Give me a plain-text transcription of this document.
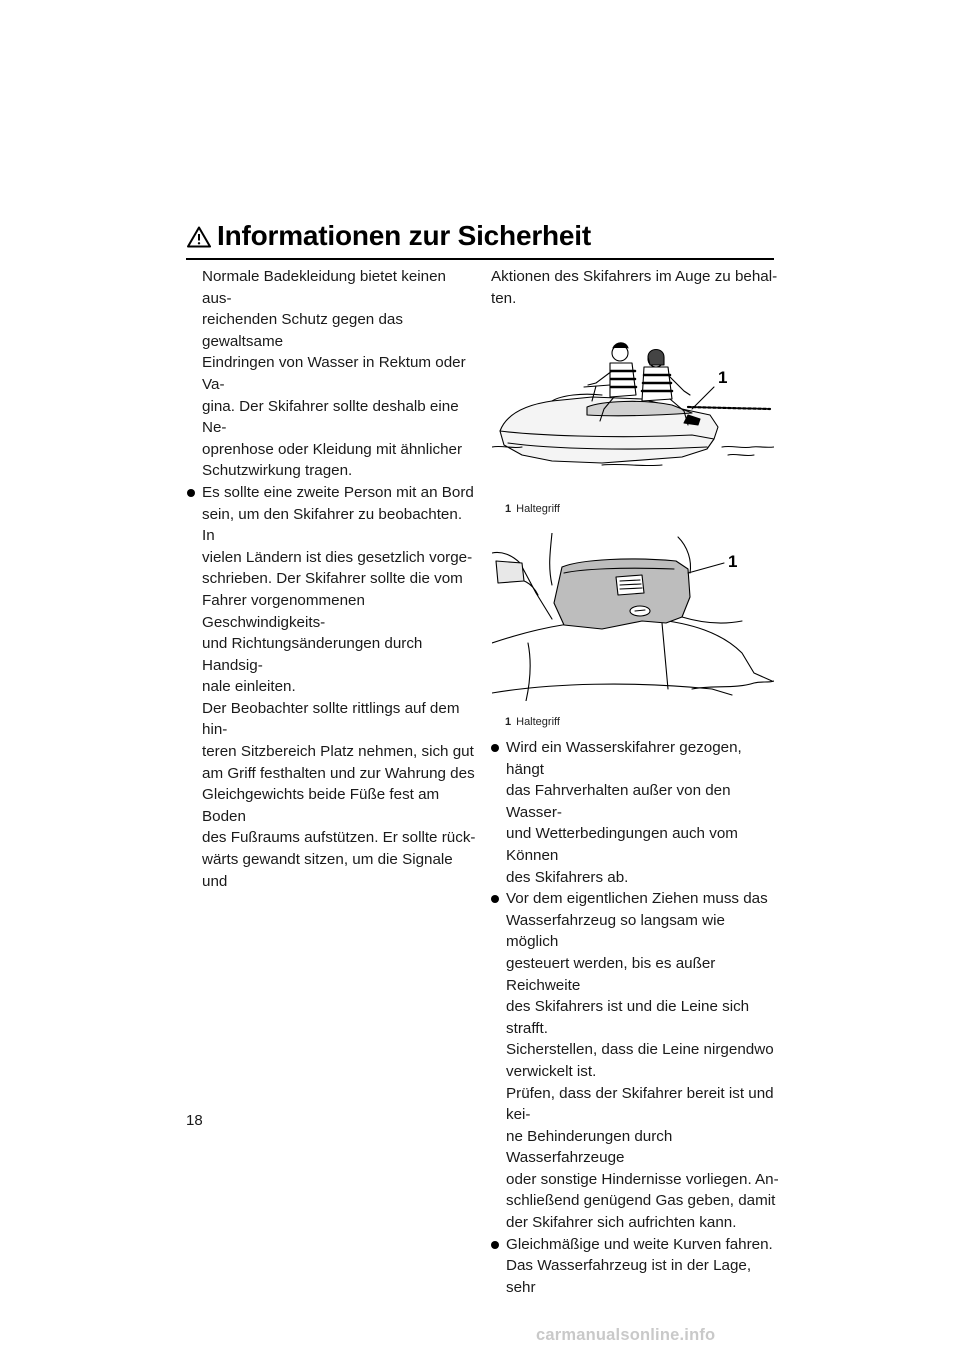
Informationen zur Sicherheit

Normale Badekleidung bietet keinen aus-

reichenden Schutz gegen das gewaltsame

Eindringen von Wasser in Rektum oder Va-

gina. Der Skifahrer sollte deshalb eine Ne-

oprenhose oder Kleidung mit ähnlicher

Schutzwirkung tragen.

Es sollte eine zweite Person mit an Bord

sein, um den Skifahrer zu beobachten. In

vielen Ländern ist dies gesetzlich vorge-

schrieben. Der Skifahrer sollte die vom

Fahrer vorgenommenen Geschwindigkeits-

und Richtungsänderungen durch Handsig-

nale einleiten.

Der Beobachter sollte rittlings auf dem hin-

teren Sitzbereich Platz nehmen, sich gut

am Griff festhalten und zur Wahrung des

Gleichgewichts beide Füße fest am Boden

des Fußraums aufstützen. Er sollte rück-

wärts gewandt sitzen, um die Signale und

Aktionen des Skifahrers im Auge zu behal-

ten.

1
1 Haltegriff
1
1 Haltegriff

Wird ein Wasserskifahrer gezogen, hängt

das Fahrverhalten außer von den Wasser-

und Wetterbedingungen auch vom Können

des Skifahrers ab.

Vor dem eigentlichen Ziehen muss das

Wasserfahrzeug so langsam wie möglich

gesteuert werden, bis es außer Reichweite

des Skifahrers ist und die Leine sich strafft.

Sicherstellen, dass die Leine nirgendwo

verwickelt ist.

Prüfen, dass der Skifahrer bereit ist und kei-

ne Behinderungen durch Wasserfahrzeuge

oder sonstige Hindernisse vorliegen. An-

schließend genügend Gas geben, damit

der Skifahrer sich aufrichten kann.

Gleichmäßige und weite Kurven fahren.

Das Wasserfahrzeug ist in der Lage, sehr

18
carmanualsonline.info
